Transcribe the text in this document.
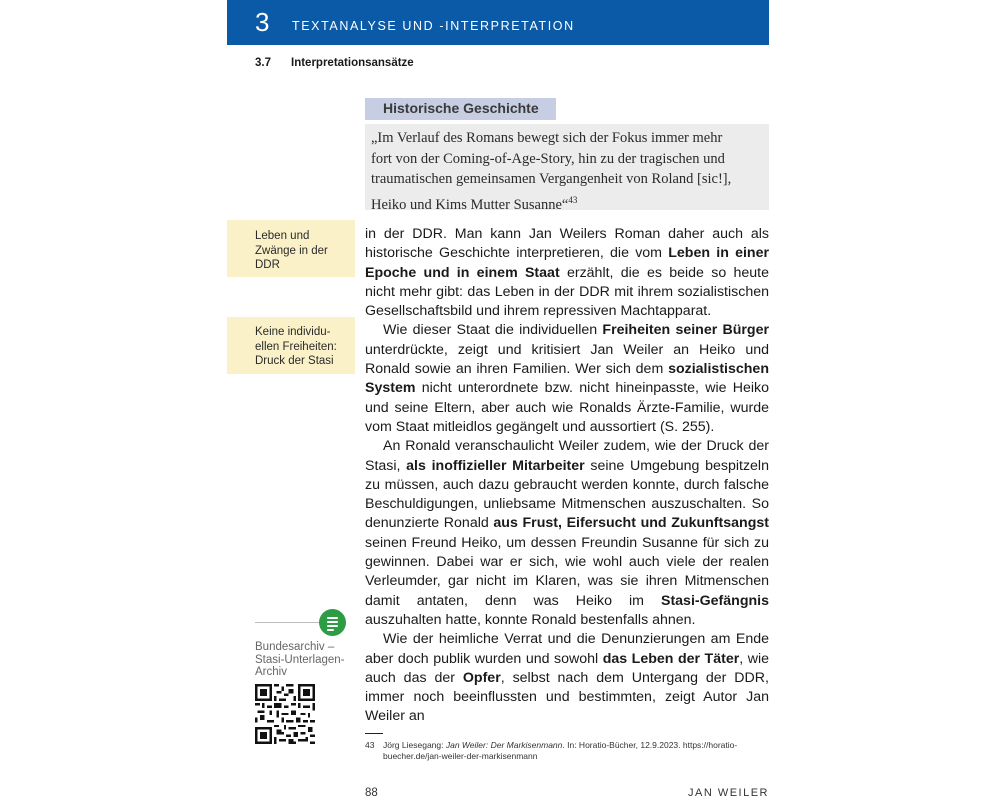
3 TEXTANALYSE UND -INTERPRETATION
3.7 Interpretationsansätze
Historische Geschichte
„Im Verlauf des Romans bewegt sich der Fokus immer mehr
fort von der Coming-of-Age-Story, hin zu der tragischen und
traumatischen gemeinsamen Vergangenheit von Roland [sic!],
Heiko und Kims Mutter Susanne“$^{43}$
Leben und
Zwänge in der
DDR
Keine individu-
ellen Freiheiten:
Druck der Stasi

in der DDR. Man kann Jan Weilers Roman daher auch als historische Geschichte interpretieren, die vom Leben in einer Epoche und in einem Staat erzählt, die es beide so heute nicht mehr gibt: das Leben in der DDR mit ihrem sozialistischen Gesellschaftsbild und ihrem repressiven Machtapparat.

Wie dieser Staat die individuellen Freiheiten seiner Bürger unterdrückte, zeigt und kritisiert Jan Weiler an Heiko und Ronald sowie an ihren Familien. Wer sich dem sozialistischen System nicht unterordnete bzw. nicht hineinpasste, wie Heiko und seine Eltern, aber auch wie Ronalds Ärzte-Familie, wurde vom Staat mitleidlos gegängelt und aussortiert (S. 255).

An Ronald veranschaulicht Weiler zudem, wie der Druck der Stasi, als inoffizieller Mitarbeiter seine Umgebung bespitzeln zu müssen, auch dazu gebraucht werden konnte, durch falsche Beschuldigungen, unliebsame Mitmenschen auszuschalten. So denunzierte Ronald aus Frust, Eifersucht und Zukunftsangst seinen Freund Heiko, um dessen Freundin Susanne für sich zu gewinnen. Dabei war er sich, wie wohl auch viele der realen Verleumder, gar nicht im Klaren, was sie ihren Mitmenschen damit antaten, denn was Heiko im Stasi-Gefängnis auszuhalten hatte, konnte Ronald bestenfalls ahnen.

Wie der heimliche Verrat und die Denunzierungen am Ende aber doch publik wurden und sowohl das Leben der Täter, wie auch das der Opfer, selbst nach dem Untergang der DDR, immer noch beeinflussten und bestimmten, zeigt Autor Jan Weiler an

Bundesarchiv –
Stasi-Unterlagen-
Archiv
43 Jörg Liesegang: Jan Weiler: Der Markisenmann. In: Horatio-Bücher, 12.9.2023. https://horatio-
buecher.de/jan-weiler-der-markisenmann
88	JAN WEILER
